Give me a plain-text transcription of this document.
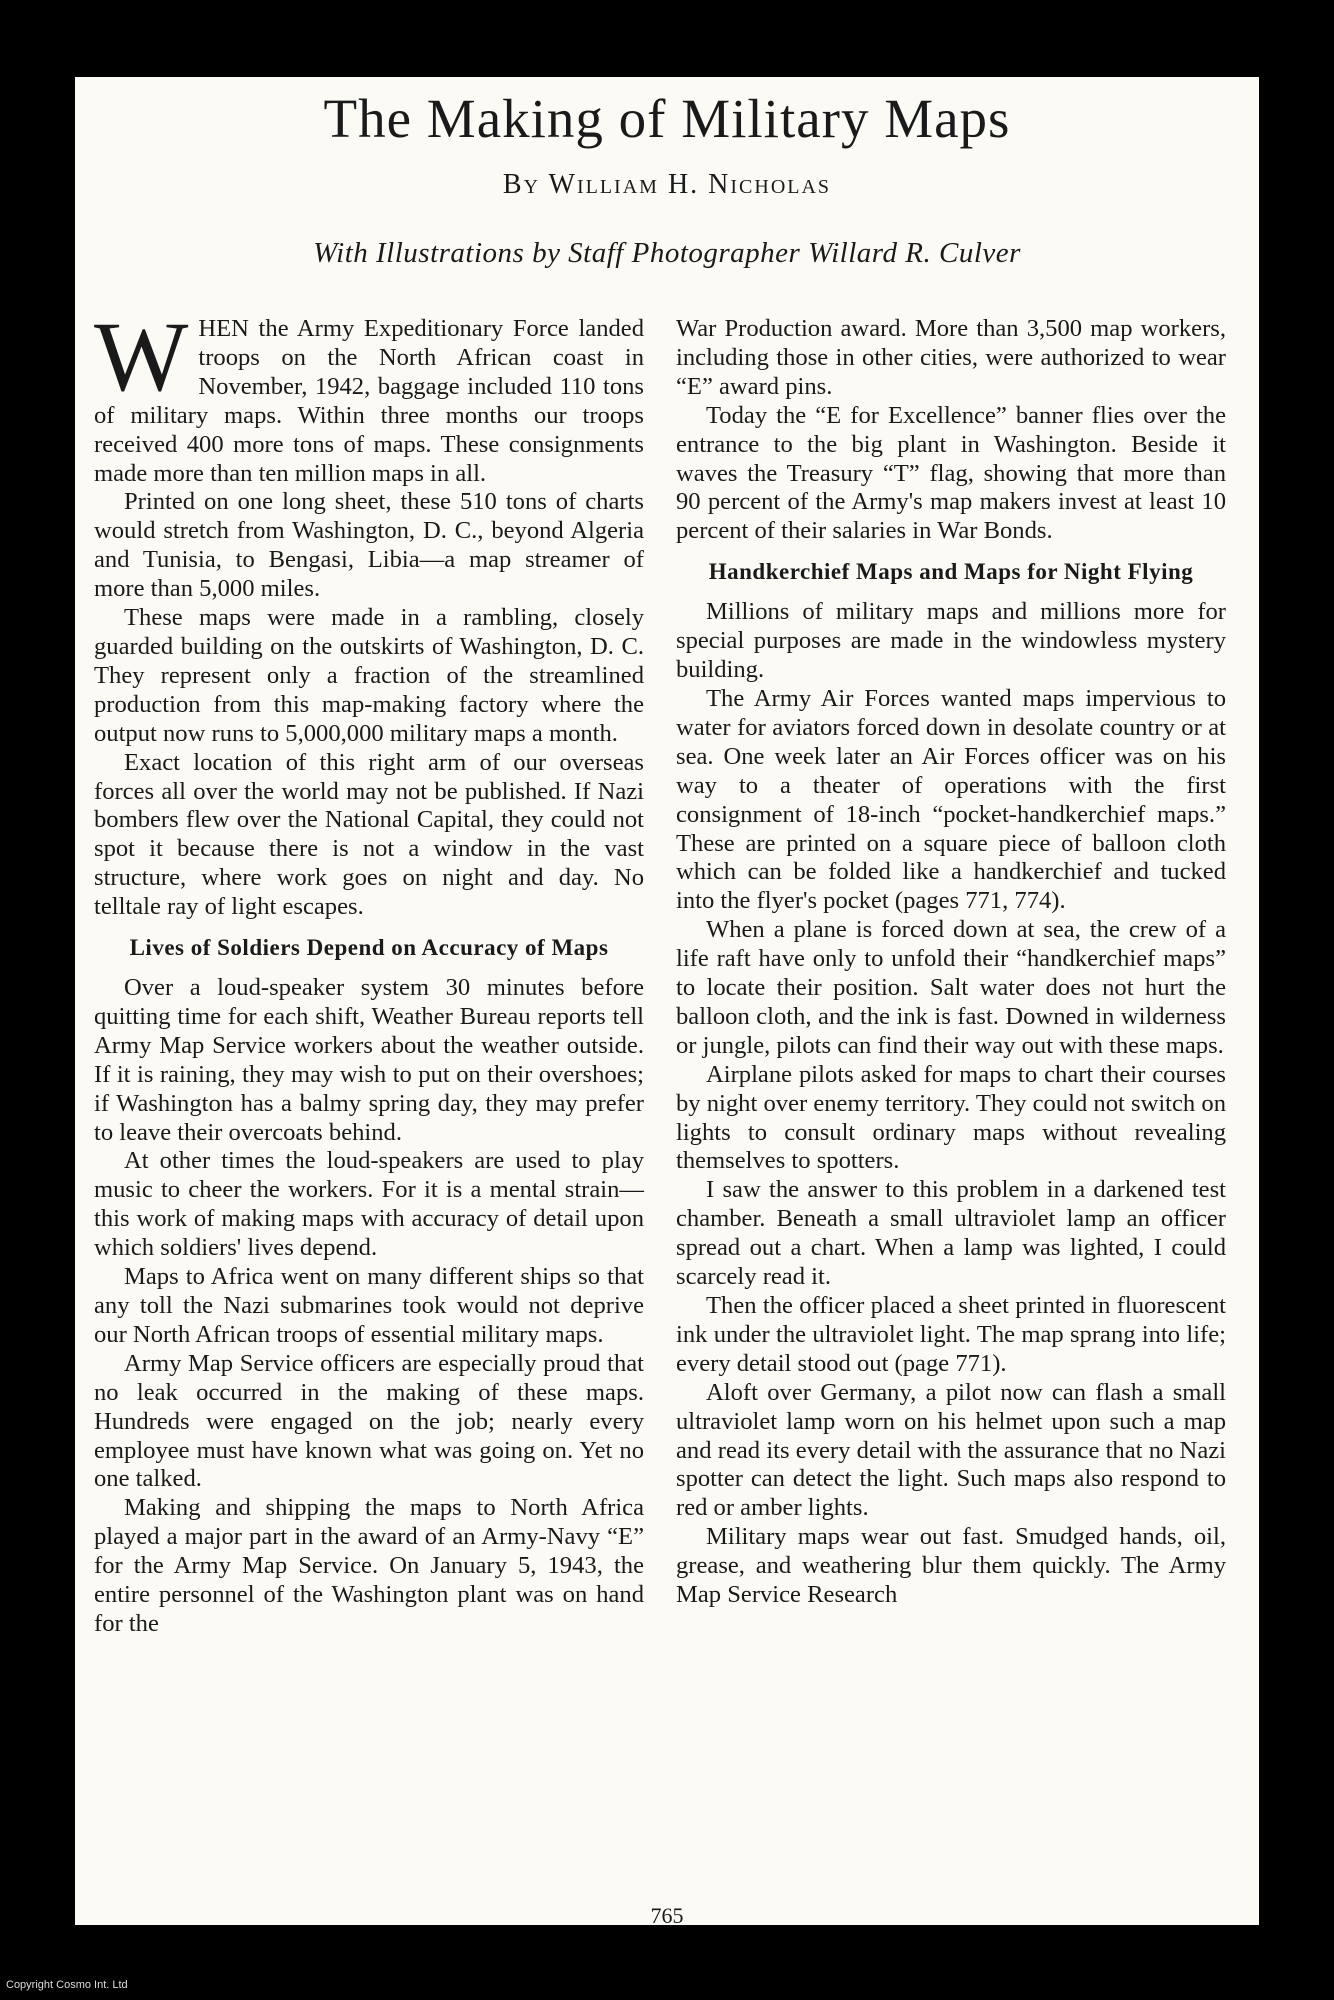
The Making of Military Maps
By William H. Nicholas
With Illustrations by Staff Photographer Willard R. Culver

WHEN the Army Expeditionary Force landed troops on the North African coast in November, 1942, baggage included 110 tons of military maps. Within three months our troops received 400 more tons of maps. These consignments made more than ten million maps in all.

Printed on one long sheet, these 510 tons of charts would stretch from Washington, D. C., beyond Algeria and Tunisia, to Bengasi, Libia—a map streamer of more than 5,000 miles.

These maps were made in a rambling, closely guarded building on the outskirts of Washington, D. C. They represent only a fraction of the streamlined production from this map-making factory where the output now runs to 5,000,000 military maps a month.

Exact location of this right arm of our overseas forces all over the world may not be published. If Nazi bombers flew over the National Capital, they could not spot it because there is not a window in the vast structure, where work goes on night and day. No telltale ray of light escapes.

Lives of Soldiers Depend on Accuracy of Maps

Over a loud-speaker system 30 minutes before quitting time for each shift, Weather Bureau reports tell Army Map Service workers about the weather outside. If it is raining, they may wish to put on their overshoes; if Washington has a balmy spring day, they may prefer to leave their overcoats behind.

At other times the loud-speakers are used to play music to cheer the workers. For it is a mental strain—this work of making maps with accuracy of detail upon which soldiers' lives depend.

Maps to Africa went on many different ships so that any toll the Nazi submarines took would not deprive our North African troops of essential military maps.

Army Map Service officers are especially proud that no leak occurred in the making of these maps. Hundreds were engaged on the job; nearly every employee must have known what was going on. Yet no one talked.

Making and shipping the maps to North Africa played a major part in the award of an Army-Navy “E” for the Army Map Service. On January 5, 1943, the entire personnel of the Washington plant was on hand for the

War Production award. More than 3,500 map workers, including those in other cities, were authorized to wear “E” award pins.

Today the “E for Excellence” banner flies over the entrance to the big plant in Washington. Beside it waves the Treasury “T” flag, showing that more than 90 percent of the Army's map makers invest at least 10 percent of their salaries in War Bonds.

Handkerchief Maps and Maps for Night Flying

Millions of military maps and millions more for special purposes are made in the windowless mystery building.

The Army Air Forces wanted maps impervious to water for aviators forced down in desolate country or at sea. One week later an Air Forces officer was on his way to a theater of operations with the first consignment of 18-inch “pocket-handkerchief maps.” These are printed on a square piece of balloon cloth which can be folded like a handkerchief and tucked into the flyer's pocket (pages 771, 774).

When a plane is forced down at sea, the crew of a life raft have only to unfold their “handkerchief maps” to locate their position. Salt water does not hurt the balloon cloth, and the ink is fast. Downed in wilderness or jungle, pilots can find their way out with these maps.

Airplane pilots asked for maps to chart their courses by night over enemy territory. They could not switch on lights to consult ordinary maps without revealing themselves to spotters.

I saw the answer to this problem in a darkened test chamber. Beneath a small ultraviolet lamp an officer spread out a chart. When a lamp was lighted, I could scarcely read it.

Then the officer placed a sheet printed in fluorescent ink under the ultraviolet light. The map sprang into life; every detail stood out (page 771).

Aloft over Germany, a pilot now can flash a small ultraviolet lamp worn on his helmet upon such a map and read its every detail with the assurance that no Nazi spotter can detect the light. Such maps also respond to red or amber lights.

Military maps wear out fast. Smudged hands, oil, grease, and weathering blur them quickly. The Army Map Service Research

765
Copyright Cosmo Int. Ltd
